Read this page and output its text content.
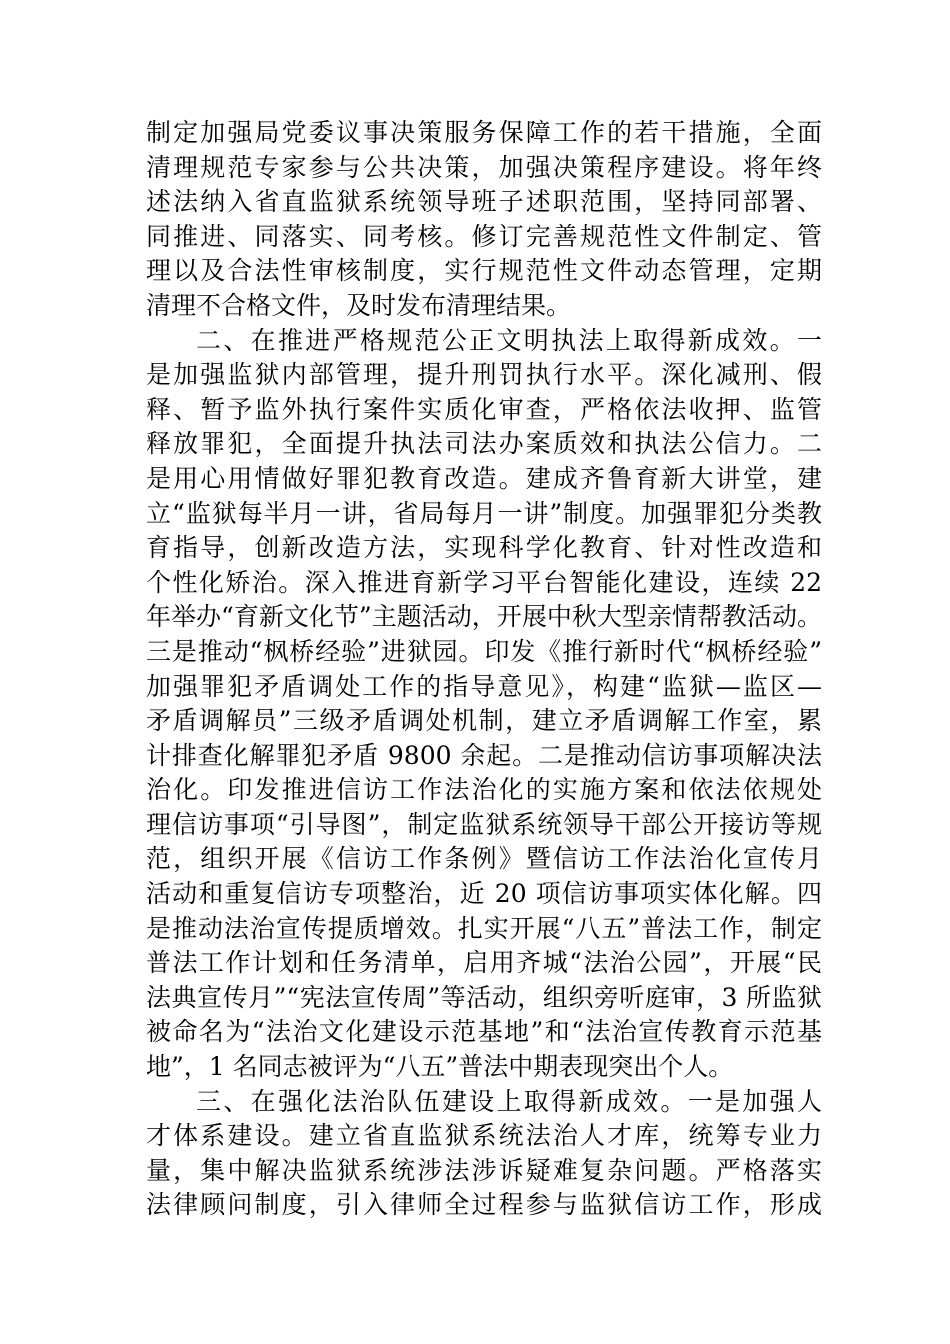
制定加强局党委议事决策服务保障工作的若干措施，全面
清理规范专家参与公共决策，加强决策程序建设。将年终
述法纳入省直监狱系统领导班子述职范围，坚持同部署、
同推进、同落实、同考核。修订完善规范性文件制定、管
理以及合法性审核制度，实行规范性文件动态管理，定期
清理不合格文件，及时发布清理结果。
二、在推进严格规范公正文明执法上取得新成效。一
是加强监狱内部管理，提升刑罚执行水平。深化减刑、假
释、暂予监外执行案件实质化审查，严格依法收押、监管
释放罪犯，全面提升执法司法办案质效和执法公信力。二
是用心用情做好罪犯教育改造。建成齐鲁育新大讲堂，建
立“监狱每半月一讲，省局每月一讲”制度。加强罪犯分类教
育指导，创新改造方法，实现科学化教育、针对性改造和
个性化矫治。深入推进育新学习平台智能化建设，连续 22
年举办“育新文化节”主题活动，开展中秋大型亲情帮教活动。
三是推动“枫桥经验”进狱园。印发《推行新时代“枫桥经验”
加强罪犯矛盾调处工作的指导意见》，构建“监狱—监区—
矛盾调解员”三级矛盾调处机制，建立矛盾调解工作室，累
计排查化解罪犯矛盾 9800 余起。二是推动信访事项解决法
治化。印发推进信访工作法治化的实施方案和依法依规处
理信访事项“引导图”，制定监狱系统领导干部公开接访等规
范，组织开展《信访工作条例》暨信访工作法治化宣传月
活动和重复信访专项整治，近 20 项信访事项实体化解。四
是推动法治宣传提质增效。扎实开展“八五”普法工作，制定
普法工作计划和任务清单，启用齐城“法治公园”，开展“民
法典宣传月”“宪法宣传周”等活动，组织旁听庭审，3 所监狱
被命名为“法治文化建设示范基地”和“法治宣传教育示范基
地”，1 名同志被评为“八五”普法中期表现突出个人。
三、在强化法治队伍建设上取得新成效。一是加强人
才体系建设。建立省直监狱系统法治人才库，统筹专业力
量，集中解决监狱系统涉法涉诉疑难复杂问题。严格落实
法律顾问制度，引入律师全过程参与监狱信访工作，形成
